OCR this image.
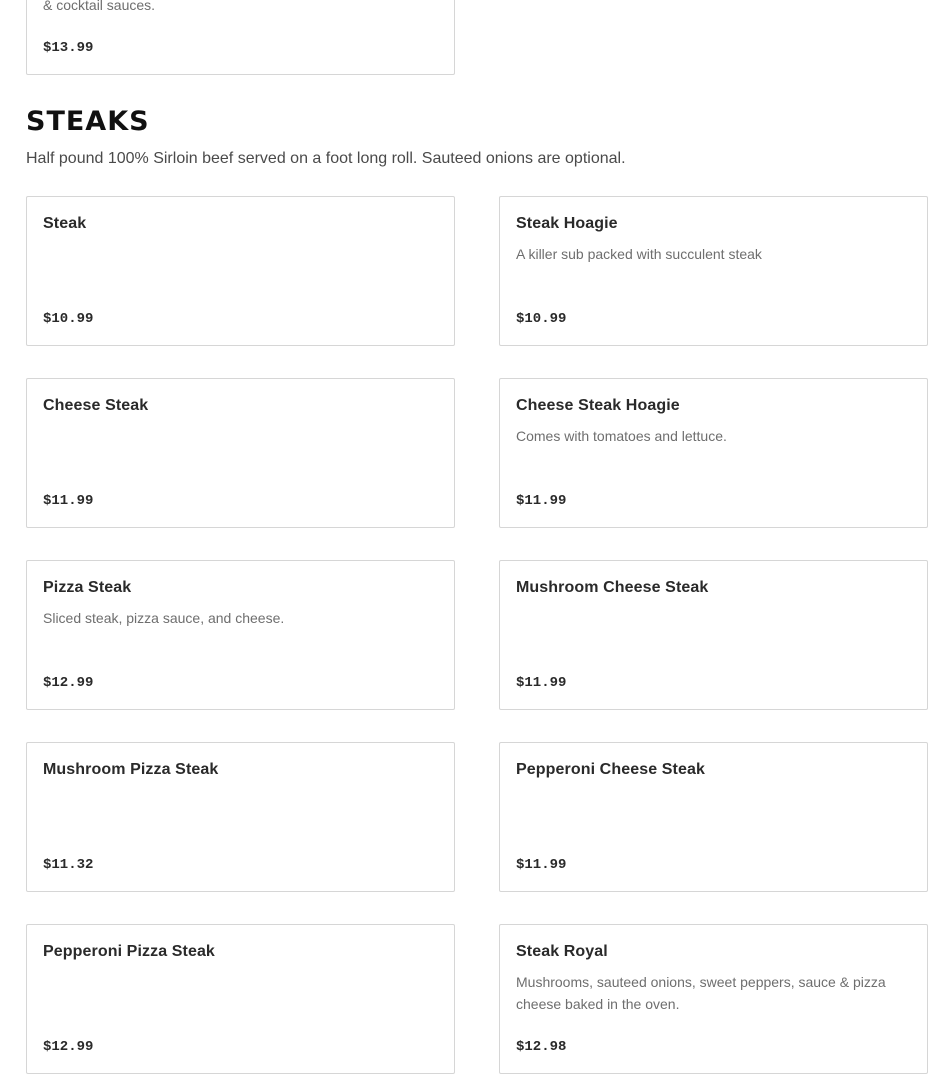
& cocktail sauces.
$13.99
STEAKS

Half pound 100% Sirloin beef served on a foot long roll. Sauteed onions are optional.

Steak
$10.99
Steak Hoagie
A killer sub packed with succulent steak
$10.99
Cheese Steak
$11.99
Cheese Steak Hoagie
Comes with tomatoes and lettuce.
$11.99
Pizza Steak
Sliced steak, pizza sauce, and cheese.
$12.99
Mushroom Cheese Steak
$11.99
Mushroom Pizza Steak
$11.32
Pepperoni Cheese Steak
$11.99
Pepperoni Pizza Steak
$12.99
Steak Royal
Mushrooms, sauteed onions, sweet peppers, sauce & pizza cheese baked in the oven.
$12.98
